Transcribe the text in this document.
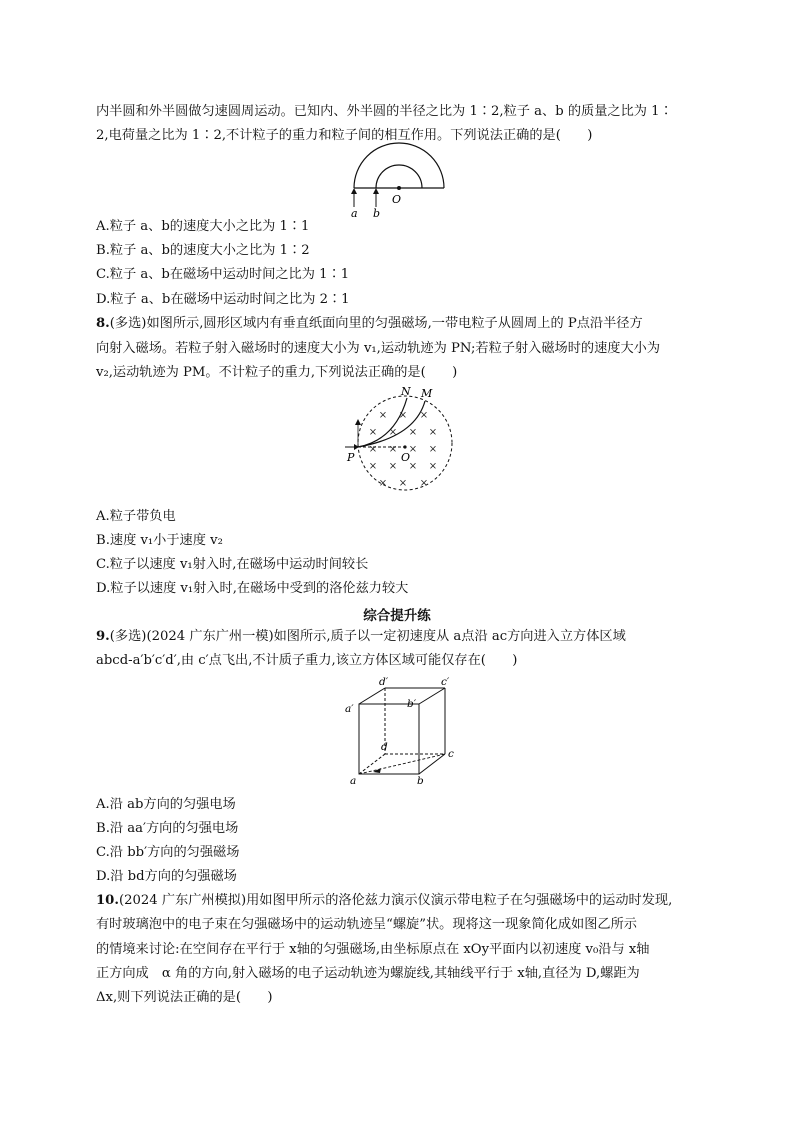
内半圆和外半圆做匀速圆周运动。已知内、外半圆的半径之比为 1∶2,粒子 a、b 的质量之比为 1∶
2,电荷量之比为 1∶2,不计粒子的重力和粒子间的相互作用。下列说法正确的是(　　)
a b
O
A.粒子 a、b的速度大小之比为 1∶1
B.粒子 a、b的速度大小之比为 1∶2
C.粒子 a、b在磁场中运动时间之比为 1∶1
D.粒子 a、b在磁场中运动时间之比为 2∶1
8.(多选)如图所示,圆形区域内有垂直纸面向里的匀强磁场,一带电粒子从圆周上的 P点沿半径方
向射入磁场。若粒子射入磁场时的速度大小为 v₁,运动轨迹为 PN;若粒子射入磁场时的速度大小为
v₂,运动轨迹为 PM。不计粒子的重力,下列说法正确的是(　　)
× × ×
× × × ×
× × × ×
× × × ×
× × ×
N M
P	O
A.粒子带负电
B.速度 v₁小于速度 v₂
C.粒子以速度 v₁射入时,在磁场中运动时间较长
D.粒子以速度 v₁射入时,在磁场中受到的洛伦兹力较大
综合提升练
9.(多选)(2024 广东广州一模)如图所示,质子以一定初速度从 a点沿 ac方向进入立方体区域
abcd-a′b′c′d′,由 c′点飞出,不计质子重力,该立方体区域可能仅存在(　　)
d′	c′
a′	b′
d
c
a	b
A.沿 ab方向的匀强电场
B.沿 aa′方向的匀强电场
C.沿 bb′方向的匀强磁场
D.沿 bd方向的匀强磁场
10.(2024 广东广州模拟)用如图甲所示的洛伦兹力演示仪演示带电粒子在匀强磁场中的运动时发现,
有时玻璃泡中的电子束在匀强磁场中的运动轨迹呈“螺旋”状。现将这一现象简化成如图乙所示
的情境来讨论:在空间存在平行于 x轴的匀强磁场,由坐标原点在 xOy平面内以初速度 v₀沿与 x轴
正方向成　α 角的方向,射入磁场的电子运动轨迹为螺旋线,其轴线平行于 x轴,直径为 D,螺距为
Δx,则下列说法正确的是(　　)
